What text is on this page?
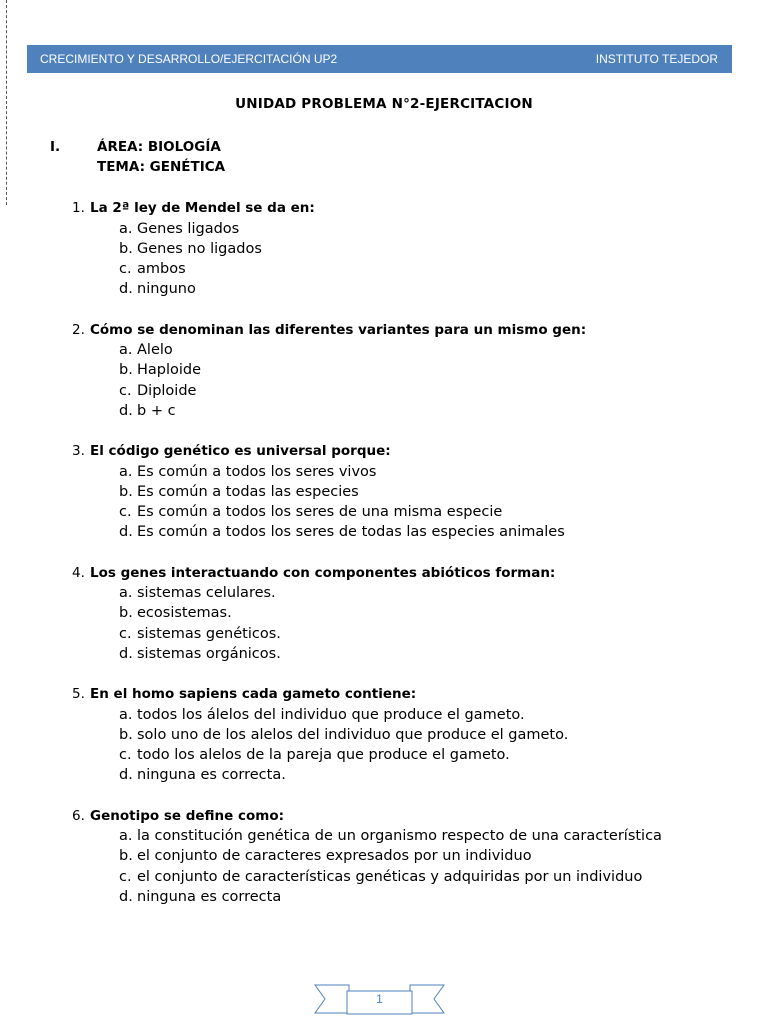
CRECIMIENTO Y DESARROLLO/EJERCITACIÓN UP2	INSTITUTO TEJEDOR
UNIDAD PROBLEMA N°2-EJERCITACION
I.	ÁREA: BIOLOGÍA
TEMA: GENÉTICA
1. La 2ª ley de Mendel se da en:
a. Genes ligados
b. Genes no ligados
c. ambos
d. ninguno
2. Cómo se denominan las diferentes variantes para un mismo gen:
a. Alelo
b. Haploide
c. Diploide
d. b + c
3. El código genético es universal porque:
a. Es común a todos los seres vivos
b. Es común a todas las especies
c. Es común a todos los seres de una misma especie
d. Es común a todos los seres de todas las especies animales
4. Los genes interactuando con componentes abióticos forman:
a. sistemas celulares.
b. ecosistemas.
c. sistemas genéticos.
d. sistemas orgánicos.
5. En el homo sapiens cada gameto contiene:
a. todos los álelos del individuo que produce el gameto.
b. solo uno de los alelos del individuo que produce el gameto.
c. todo los alelos de la pareja que produce el gameto.
d. ninguna es correcta.
6. Genotipo se define como:
a. la constitución genética de un organismo respecto de una característica
b. el conjunto de caracteres expresados por un individuo
c. el conjunto de características genéticas y adquiridas por un individuo
d. ninguna es correcta
1
